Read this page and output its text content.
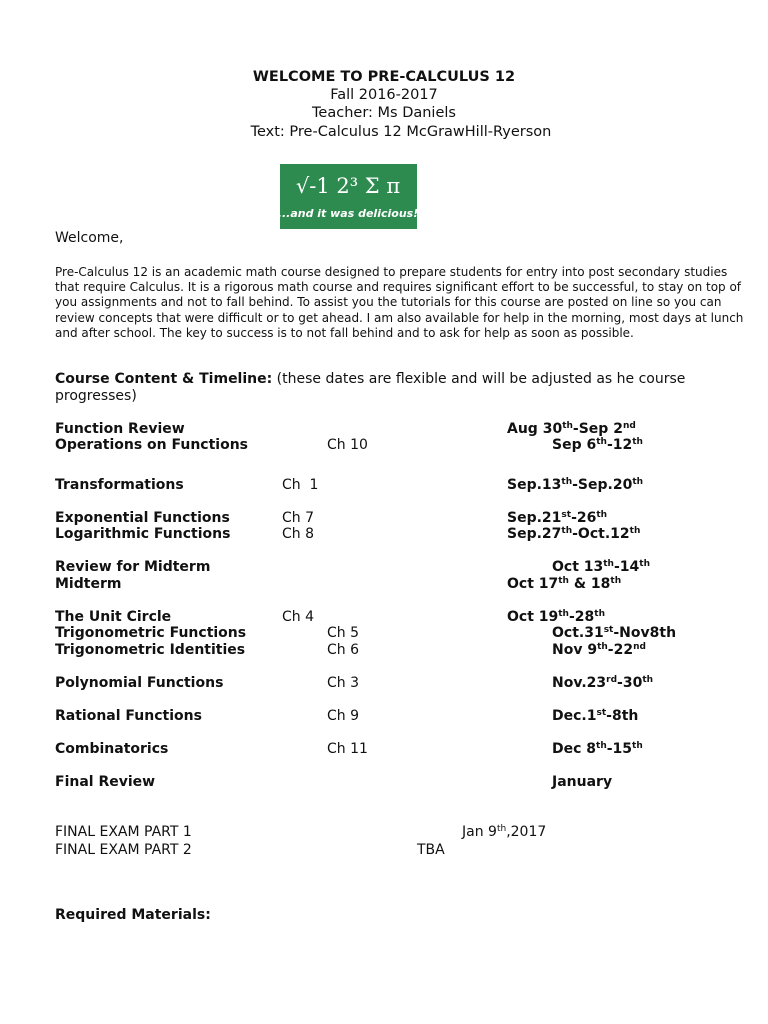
WELCOME TO PRE-CALCULUS 12
Fall 2016-2017
Teacher: Ms Daniels
Text: Pre-Calculus 12 McGrawHill-Ryerson
√-1 2³ Σ π
...and it was delicious!
Welcome,
Pre-Calculus 12 is an academic math course designed to prepare students for entry into post secondary studies that require Calculus. It is a rigorous math course and requires significant effort to be successful, to stay on top of you assignments and not to fall behind. To assist you the tutorials for this course are posted on line so you can review concepts that were difficult or to get ahead. I am also available for help in the morning, most days at lunch and after school. The key to success is to not fall behind and to ask for help as soon as possible.
Course Content & Timeline: (these dates are flexible and will be adjusted as he course progresses)
Function Review	Aug 30th-Sep 2nd
Operations on Functions	Ch 10	Sep 6th-12th
Transformations	Ch  1	Sep.13th-Sep.20th
Exponential Functions	Ch 7	Sep.21st-26th
Logarithmic Functions	Ch 8	Sep.27th-Oct.12th
Review for Midterm	Oct 13th-14th
Midterm	Oct 17th & 18th
The Unit Circle	Ch 4	Oct 19th-28th
Trigonometric Functions	Ch 5	Oct.31st-Nov8th
Trigonometric Identities	Ch 6	Nov 9th-22nd
Polynomial Functions	Ch 3	Nov.23rd-30th
Rational Functions	Ch 9	Dec.1st-8th
Combinatorics	Ch 11	Dec 8th-15th
Final Review	January
FINAL EXAM PART 1	Jan 9th,2017
FINAL EXAM PART 2	TBA
Required Materials:
